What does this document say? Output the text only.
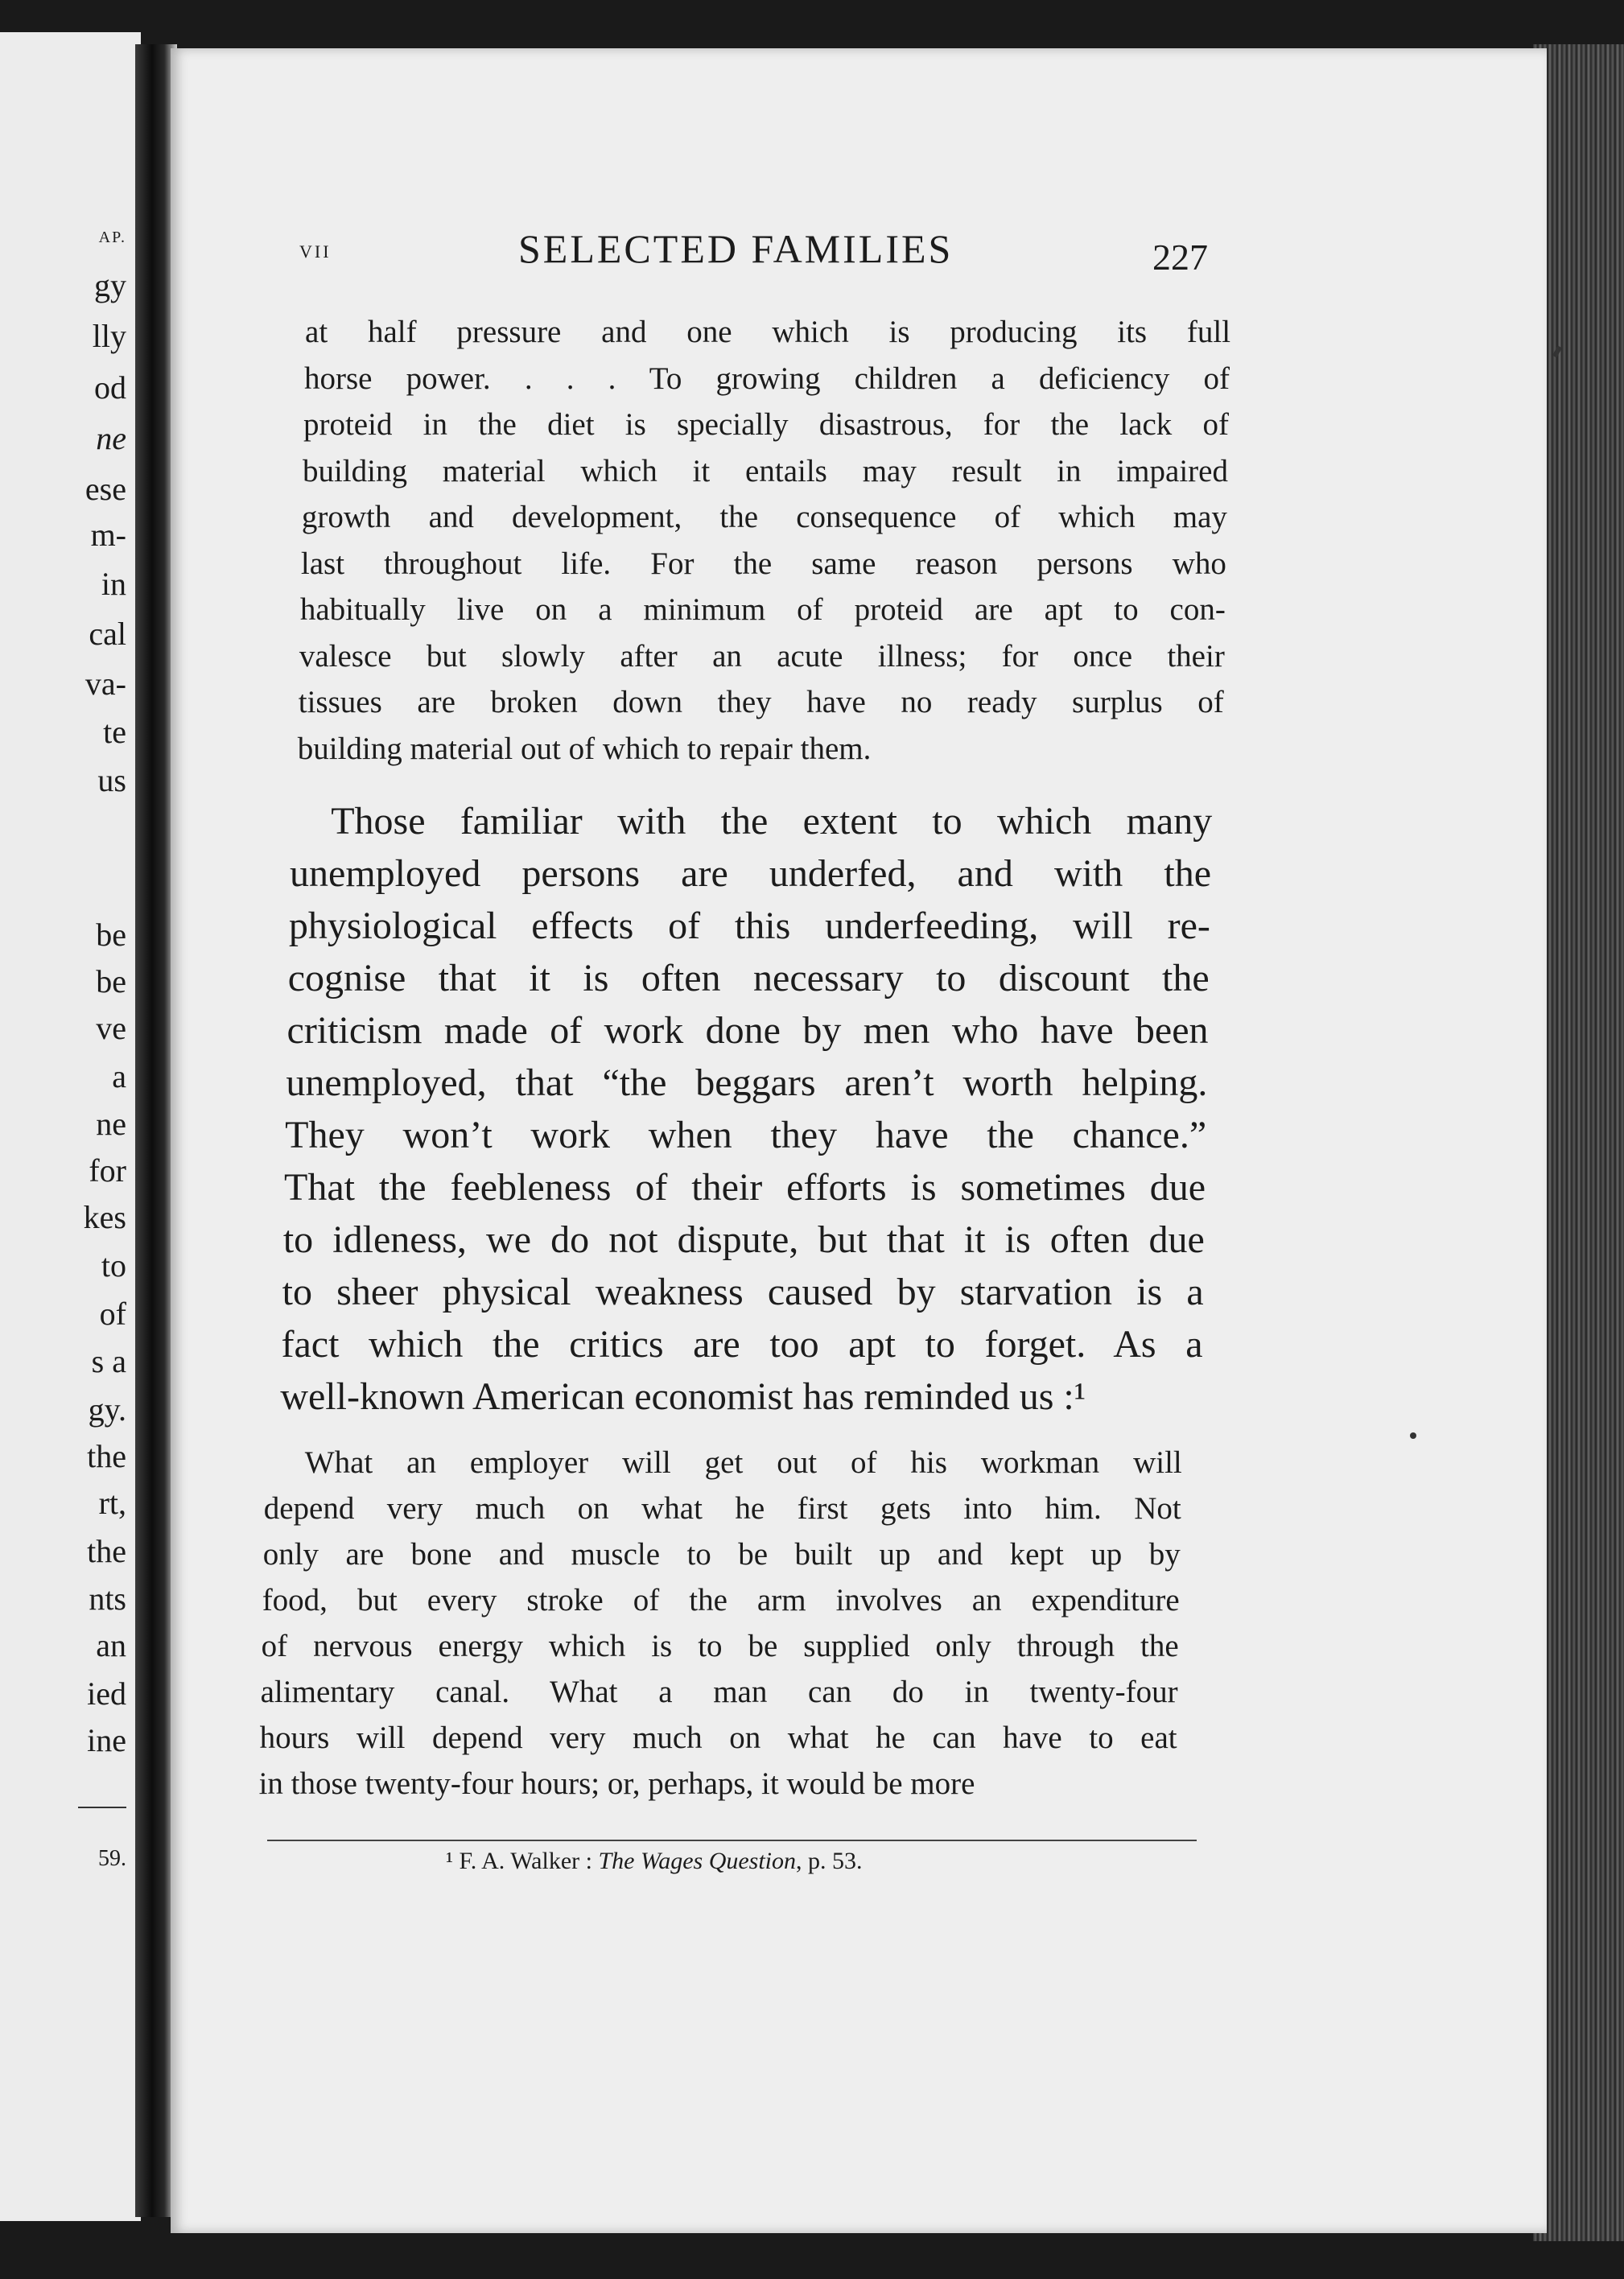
AP.
gy
lly
od
ne
ese
m-
in
cal
va-
te
us
be
be
ve
a
ne
for
kes
to
of
s a
gy.
the
rt,
the
nts
an
ied
ine
59.
VII	SELECTED FAMILIES	227
at half pressure and one which is producing its full
horse power. . . . To growing children a deficiency of
proteid in the diet is specially disastrous, for the lack of
building material which it entails may result in impaired
growth and development, the consequence of which may
last throughout life. For the same reason persons who
habitually live on a minimum of proteid are apt to con-
valesce but slowly after an acute illness; for once their
tissues are broken down they have no ready surplus of
building material out of which to repair them.
Those familiar with the extent to which many
unemployed persons are underfed, and with the
physiological effects of this underfeeding, will re-
cognise that it is often necessary to discount the
criticism made of work done by men who have been
unemployed, that “the beggars aren’t worth helping.
They won’t work when they have the chance.”
That the feebleness of their efforts is sometimes due
to idleness, we do not dispute, but that it is often due
to sheer physical weakness caused by starvation is a
fact which the critics are too apt to forget. As a
well-known American economist has reminded us :¹
What an employer will get out of his workman will
depend very much on what he first gets into him. Not
only are bone and muscle to be built up and kept up by
food, but every stroke of the arm involves an expenditure
of nervous energy which is to be supplied only through the
alimentary canal. What a man can do in twenty-four
hours will depend very much on what he can have to eat
in those twenty-four hours; or, perhaps, it would be more
¹ F. A. Walker : The Wages Question, p. 53.
